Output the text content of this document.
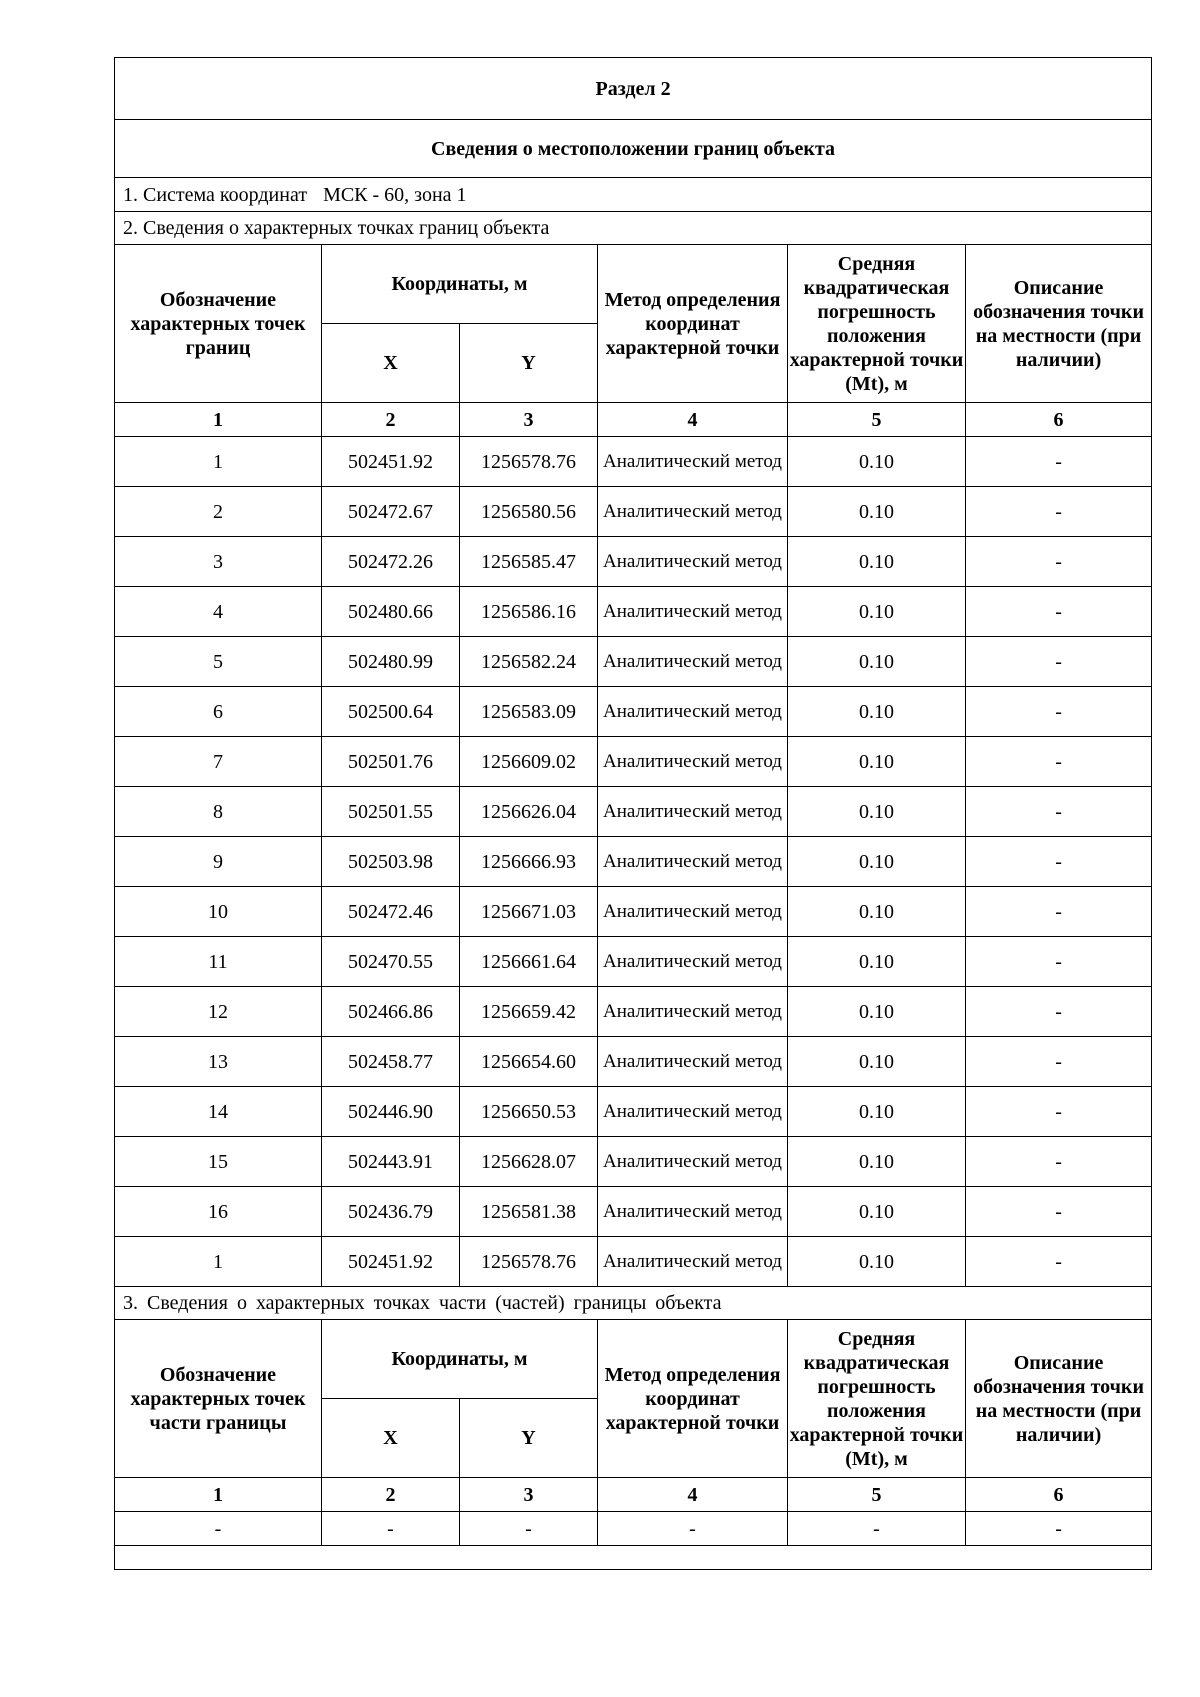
Раздел 2					
Сведения о местоположении границ объекта					
1. Система координат МСК - 60, зона 1					
2. Сведения о характерных точках границ объекта					
Обозначение характерных точек границ	Координаты, м		Метод определения координат характерной точки	Средняя квадратическая погрешность положения характерной точки (Mt), м	Описание обозначения точки на местности (при наличии)
	X	Y			
1	2	3	4	5	6
1	502451.92	1256578.76	Аналитический метод	0.10	-
2	502472.67	1256580.56	Аналитический метод	0.10	-
3	502472.26	1256585.47	Аналитический метод	0.10	-
4	502480.66	1256586.16	Аналитический метод	0.10	-
5	502480.99	1256582.24	Аналитический метод	0.10	-
6	502500.64	1256583.09	Аналитический метод	0.10	-
7	502501.76	1256609.02	Аналитический метод	0.10	-
8	502501.55	1256626.04	Аналитический метод	0.10	-
9	502503.98	1256666.93	Аналитический метод	0.10	-
10	502472.46	1256671.03	Аналитический метод	0.10	-
11	502470.55	1256661.64	Аналитический метод	0.10	-
12	502466.86	1256659.42	Аналитический метод	0.10	-
13	502458.77	1256654.60	Аналитический метод	0.10	-
14	502446.90	1256650.53	Аналитический метод	0.10	-
15	502443.91	1256628.07	Аналитический метод	0.10	-
16	502436.79	1256581.38	Аналитический метод	0.10	-
1	502451.92	1256578.76	Аналитический метод	0.10	-
3. Сведения о характерных точках части (частей) границы объекта					
Обозначение характерных точек части границы	Координаты, м		Метод определения координат характерной точки	Средняя квадратическая погрешность положения характерной точки (Mt), м	Описание обозначения точки на местности (при наличии)
	X	Y			
1	2	3	4	5	6
-	-	-	-	-	-
